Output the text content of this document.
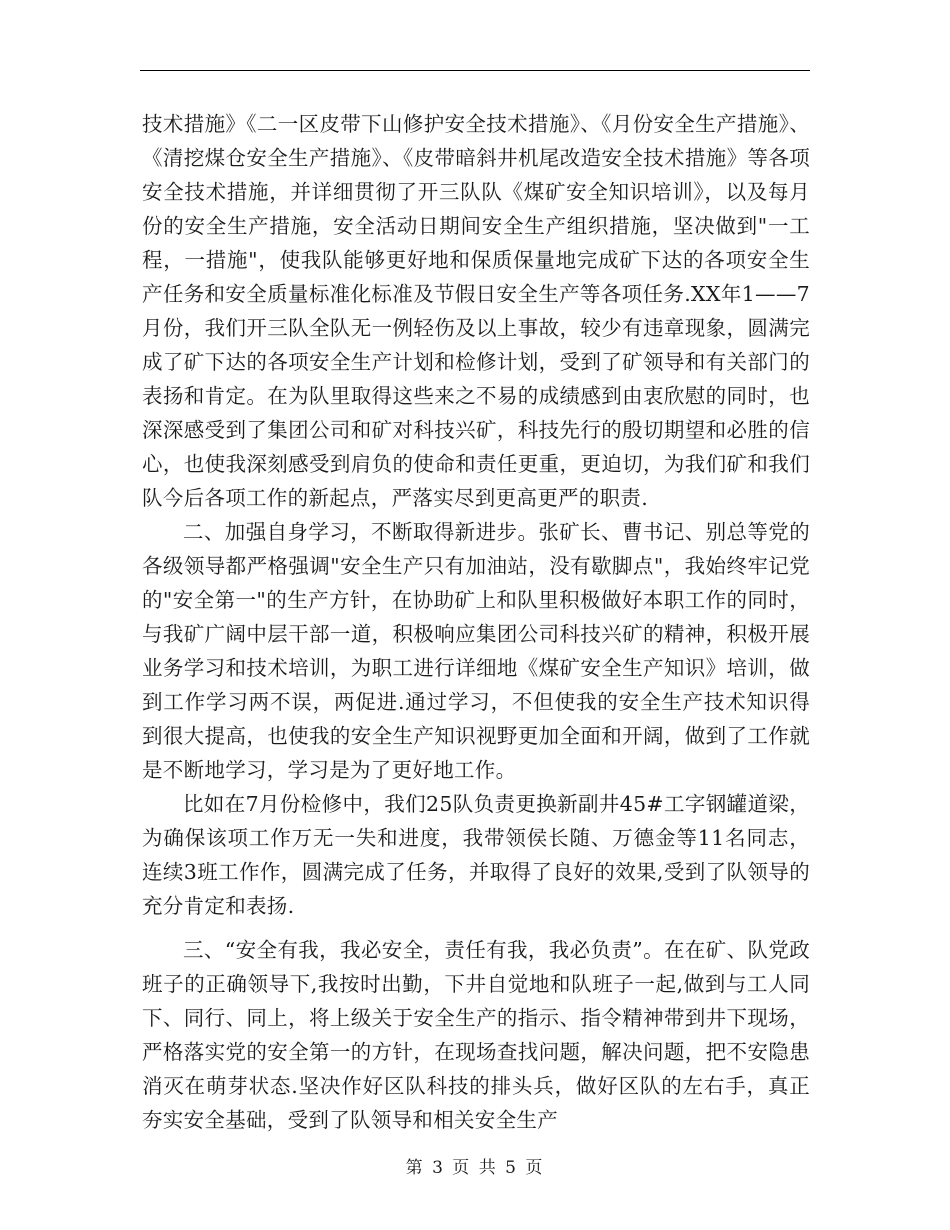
技术措施》《二一区皮带下山修护安全技术措施》、《月份安全生产措施》、《清挖煤仓安全生产措施》、《皮带暗斜井机尾改造安全技术措施》等各项安全技术措施，并详细贯彻了开三队队《煤矿安全知识培训》，以及每月份的安全生产措施，安全活动日期间安全生产组织措施，坚决做到"一工程，一措施"，使我队能够更好地和保质保量地完成矿下达的各项安全生产任务和安全质量标准化标准及节假日安全生产等各项任务.XX年1——7月份，我们开三队全队无一例轻伤及以上事故，较少有违章现象，圆满完成了矿下达的各项安全生产计划和检修计划，受到了矿领导和有关部门的表扬和肯定。在为队里取得这些来之不易的成绩感到由衷欣慰的同时，也深深感受到了集团公司和矿对科技兴矿，科技先行的殷切期望和必胜的信心，也使我深刻感受到肩负的使命和责任更重，更迫切，为我们矿和我们队今后各项工作的新起点，严落实尽到更高更严的职责.

二、加强自身学习，不断取得新进步。张矿长、曹书记、别总等党的各级领导都严格强调"安全生产只有加油站，没有歇脚点"，我始终牢记党的"安全第一"的生产方针，在协助矿上和队里积极做好本职工作的同时，与我矿广阔中层干部一道，积极响应集团公司科技兴矿的精神，积极开展业务学习和技术培训，为职工进行详细地《煤矿安全生产知识》培训，做到工作学习两不误，两促进.通过学习，不但使我的安全生产技术知识得到很大提高，也使我的安全生产知识视野更加全面和开阔，做到了工作就是不断地学习，学习是为了更好地工作。

比如在7月份检修中，我们25队负责更换新副井45#工字钢罐道梁，为确保该项工作万无一失和进度，我带领侯长随、万德金等11名同志，连续3班工作作，圆满完成了任务，并取得了良好的效果,受到了队领导的充分肯定和表扬.

三、“安全有我，我必安全，责任有我，我必负责”。在在矿、队党政班子的正确领导下,我按时出勤，下井自觉地和队班子一起,做到与工人同下、同行、同上，将上级关于安全生产的指示、指令精神带到井下现场，严格落实党的安全第一的方针，在现场查找问题，解决问题，把不安隐患消灭在萌芽状态.坚决作好区队科技的排头兵，做好区队的左右手，真正夯实安全基础，受到了队领导和相关安全生产

第 3 页 共 5 页
